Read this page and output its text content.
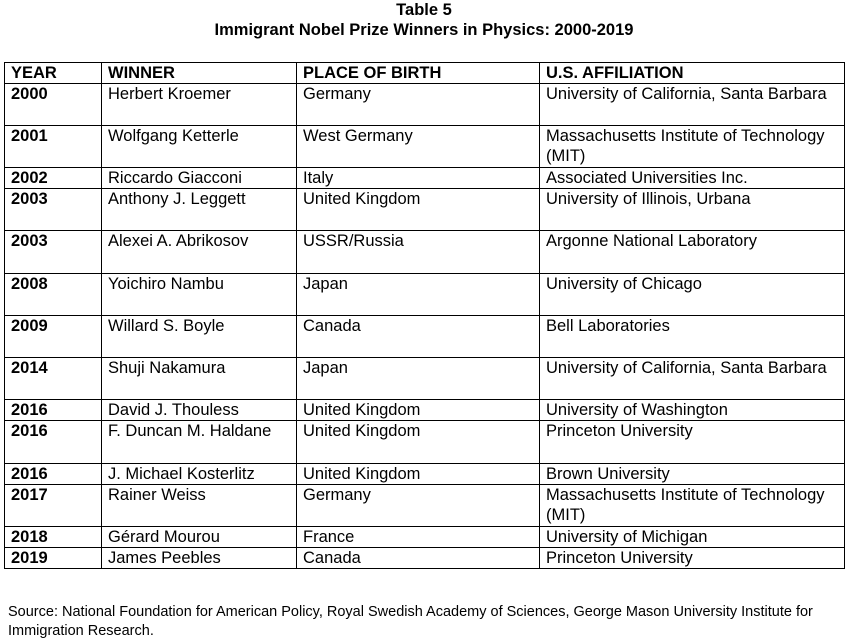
Table 5
Immigrant Nobel Prize Winners in Physics: 2000-2019
YEAR	WINNER	PLACE OF BIRTH	U.S. AFFILIATION
2000	Herbert Kroemer	Germany	University of California, Santa Barbara
2001	Wolfgang Ketterle	West Germany	Massachusetts Institute of Technology (MIT)
2002	Riccardo Giacconi	Italy	Associated Universities Inc.
2003	Anthony J. Leggett	United Kingdom	University of Illinois, Urbana
2003	Alexei A. Abrikosov	USSR/Russia	Argonne National Laboratory
2008	Yoichiro Nambu	Japan	University of Chicago
2009	Willard S. Boyle	Canada	Bell Laboratories
2014	Shuji Nakamura	Japan	University of California, Santa Barbara
2016	David J. Thouless	United Kingdom	University of Washington
2016	F. Duncan M. Haldane	United Kingdom	Princeton University
2016	J. Michael Kosterlitz	United Kingdom	Brown University
2017	Rainer Weiss	Germany	Massachusetts Institute of Technology (MIT)
2018	Gérard Mourou	France	University of Michigan
2019	James Peebles	Canada	Princeton University
Source: National Foundation for American Policy, Royal Swedish Academy of Sciences, George Mason University Institute for Immigration Research.
